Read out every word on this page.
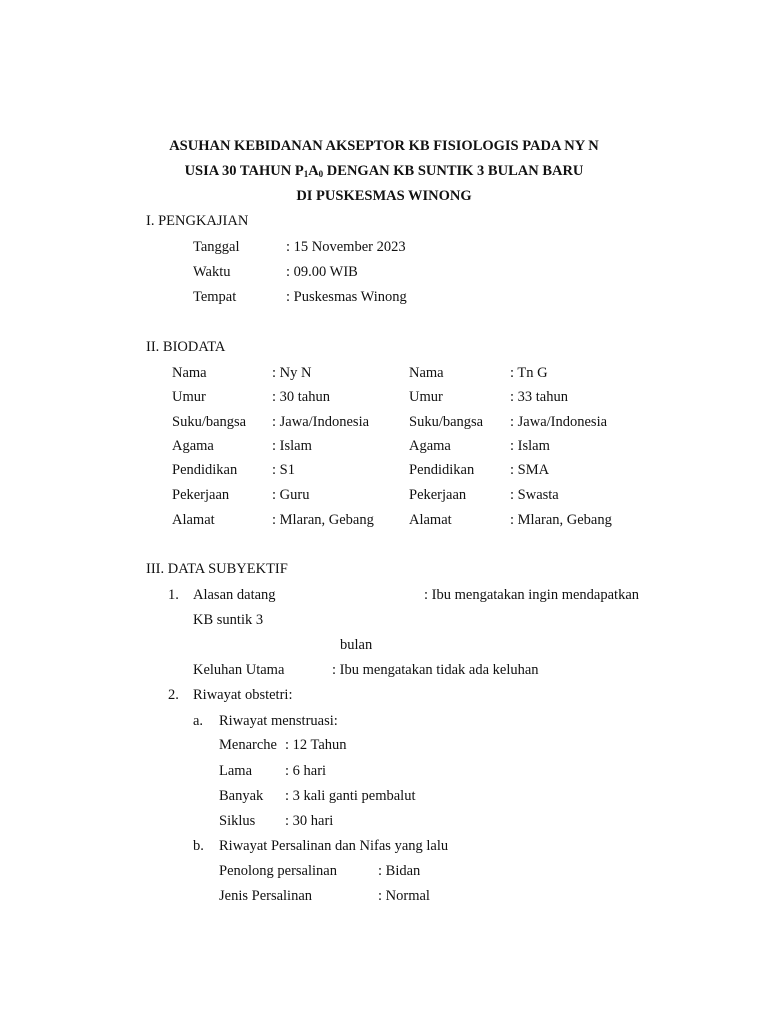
ASUHAN KEBIDANAN AKSEPTOR KB FISIOLOGIS PADA NY N
USIA 30 TAHUN $P_1A_0$ DENGAN KB SUNTIK 3 BULAN BARU
DI PUSKESMAS WINONG
I. PENGKAJIAN
Tanggal	: 15 November 2023
Waktu	: 09.00 WIB
Tempat	: Puskesmas Winong
II. BIODATA
Nama	: Ny N	Nama	: Tn G
Umur	: 30 tahun	Umur	: 33 tahun
Suku/bangsa : Jawa/Indonesia	Suku/bangsa : Jawa/Indonesia
Agama	: Islam	Agama	: Islam
Pendidikan : S1	Pendidikan : SMA
Pekerjaan	: Guru	Pekerjaan	: Swasta
Alamat	: Mlaran, Gebang Alamat	: Mlaran, Gebang
III. DATA SUBYEKTIF
1. Alasan datang	: Ibu mengatakan ingin mendapatkan
KB suntik 3
bulan
Keluhan Utama	: Ibu mengatakan tidak ada keluhan
2. Riwayat obstetri:
a. Riwayat menstruasi:
Menarche : 12 Tahun
Lama : 6 hari
Banyak : 3 kali ganti pembalut
Siklus : 30 hari
b. Riwayat Persalinan dan Nifas yang lalu
Penolong persalinan	: Bidan
Jenis Persalinan	: Normal
